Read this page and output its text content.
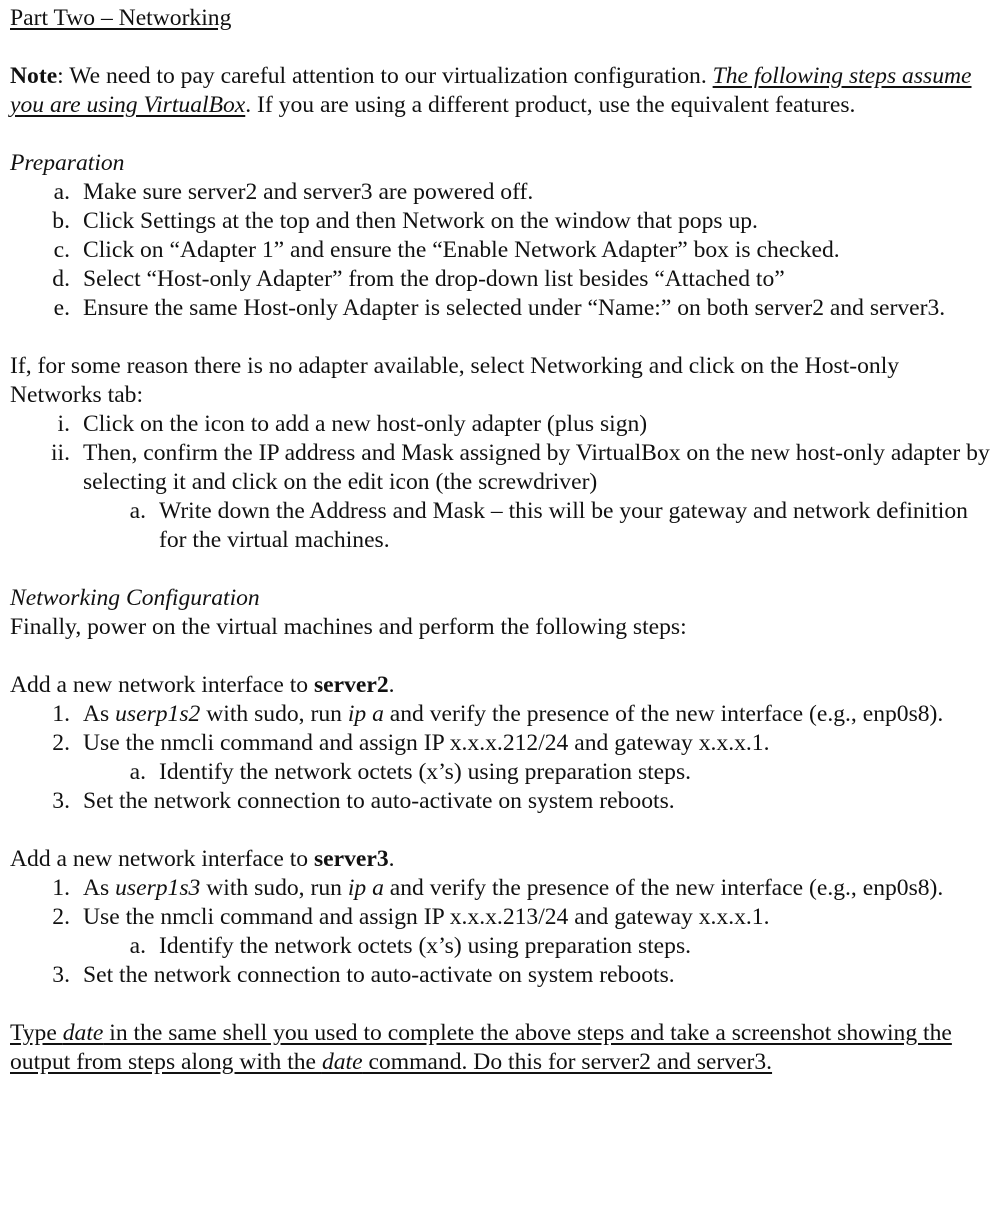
Part Two – Networking

Note: We need to pay careful attention to our virtualization configuration. The following steps assume you are using VirtualBox. If you are using a different product, use the equivalent features.

Preparation

a. Make sure server2 and server3 are powered off.
b. Click Settings at the top and then Network on the window that pops up.
c. Click on “Adapter 1” and ensure the “Enable Network Adapter” box is checked.
d. Select “Host-only Adapter” from the drop-down list besides “Attached to”
e. Ensure the same Host-only Adapter is selected under “Name:” on both server2 and server3.

If, for some reason there is no adapter available, select Networking and click on the Host-only Networks tab:

i. Click on the icon to add a new host-only adapter (plus sign)
ii. Then, confirm the IP address and Mask assigned by VirtualBox on the new host-only adapter by selecting it and click on the edit icon (the screwdriver)
a. Write down the Address and Mask – this will be your gateway and network definition for the virtual machines.

Networking Configuration

Finally, power on the virtual machines and perform the following steps:

Add a new network interface to server2.

1. As userp1s2 with sudo, run ip a and verify the presence of the new interface (e.g., enp0s8).
2. Use the nmcli command and assign IP x.x.x.212/24 and gateway x.x.x.1.
a. Identify the network octets (x’s) using preparation steps.
3. Set the network connection to auto-activate on system reboots.

Add a new network interface to server3.

1. As userp1s3 with sudo, run ip a and verify the presence of the new interface (e.g., enp0s8).
2. Use the nmcli command and assign IP x.x.x.213/24 and gateway x.x.x.1.
a. Identify the network octets (x’s) using preparation steps.
3. Set the network connection to auto-activate on system reboots.

Type date in the same shell you used to complete the above steps and take a screenshot showing the output from steps along with the date command. Do this for server2 and server3.
